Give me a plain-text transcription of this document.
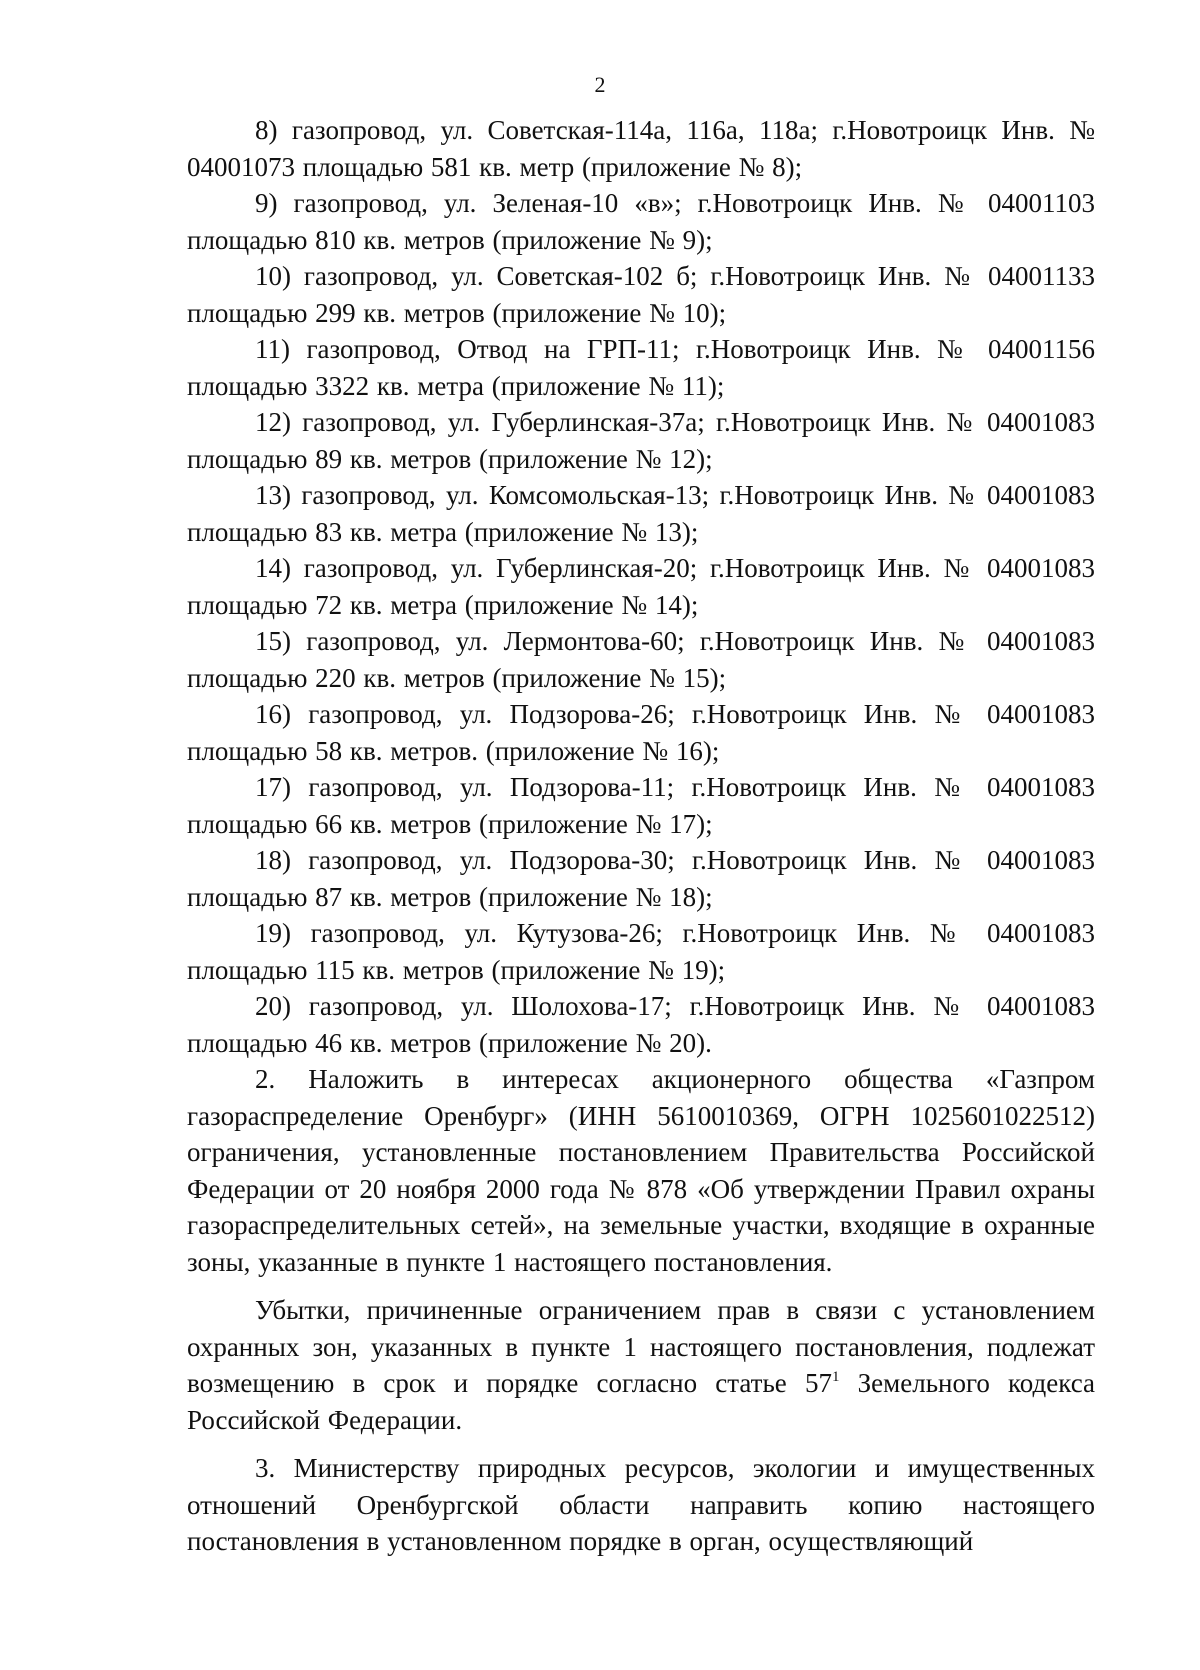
2

8) газопровод, ул. Советская-114а, 116а, 118а; г.Новотроицк Инв. № 04001073 площадью 581 кв. метр (приложение № 8);

9) газопровод, ул. Зеленая-10 «в»; г.Новотроицк Инв. № 04001103 площадью 810 кв. метров (приложение № 9);

10) газопровод, ул. Советская-102 б; г.Новотроицк Инв. № 04001133 площадью 299 кв. метров (приложение № 10);

11) газопровод, Отвод на ГРП-11; г.Новотроицк Инв. № 04001156 площадью 3322 кв. метра (приложение № 11);

12) газопровод, ул. Губерлинская-37а; г.Новотроицк Инв. № 04001083 площадью 89 кв. метров (приложение № 12);

13) газопровод, ул. Комсомольская-13; г.Новотроицк Инв. № 04001083 площадью 83 кв. метра (приложение № 13);

14) газопровод, ул. Губерлинская-20; г.Новотроицк Инв. № 04001083 площадью 72 кв. метра (приложение № 14);

15) газопровод, ул. Лермонтова-60; г.Новотроицк Инв. № 04001083 площадью 220 кв. метров (приложение № 15);

16) газопровод, ул. Подзорова-26; г.Новотроицк Инв. № 04001083 площадью 58 кв. метров. (приложение № 16);

17) газопровод, ул. Подзорова-11; г.Новотроицк Инв. № 04001083 площадью 66 кв. метров (приложение № 17);

18) газопровод, ул. Подзорова-30; г.Новотроицк Инв. № 04001083 площадью 87 кв. метров (приложение № 18);

19) газопровод, ул. Кутузова-26; г.Новотроицк Инв. № 04001083 площадью 115 кв. метров (приложение № 19);

20) газопровод, ул. Шолохова-17; г.Новотроицк Инв. № 04001083 площадью 46 кв. метров (приложение № 20).

2. Наложить в интересах акционерного общества «Газпром газораспределение Оренбург» (ИНН 5610010369, ОГРН 1025601022512) ограничения, установленные постановлением Правительства Российской Федерации от 20 ноября 2000 года № 878 «Об утверждении Правил охраны газораспределительных сетей», на земельные участки, входящие в охранные зоны, указанные в пункте 1 настоящего постановления.

Убытки, причиненные ограничением прав в связи с установлением охранных зон, указанных в пункте 1 настоящего постановления, подлежат возмещению в срок и порядке согласно статье $57^1$ Земельного кодекса Российской Федерации.

3. Министерству природных ресурсов, экологии и имущественных отношений Оренбургской области направить копию настоящего постановления в установленном порядке в орган, осуществляющий
